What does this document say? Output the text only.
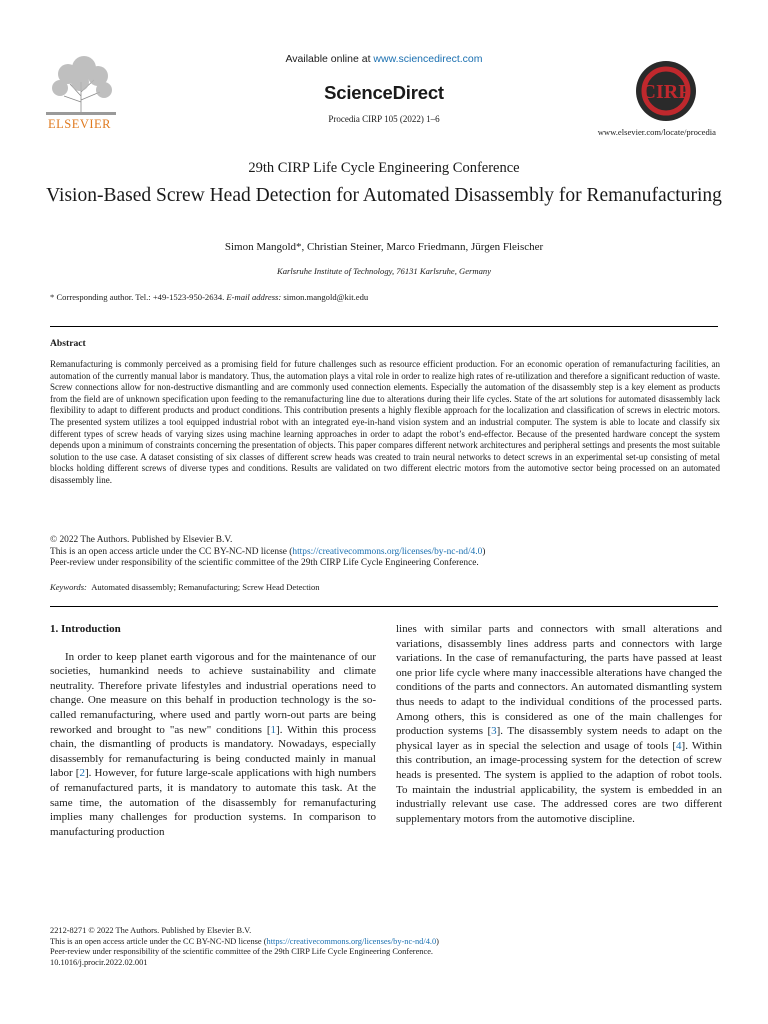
ELSEVIER
Available online at www.sciencedirect.com
ScienceDirect
Procedia CIRP 105 (2022) 1–6
CIRP
www.elsevier.com/locate/procedia
29th CIRP Life Cycle Engineering Conference
Vision-Based Screw Head Detection for Automated Disassembly for Remanufacturing
Simon Mangold*, Christian Steiner, Marco Friedmann, Jürgen Fleischer
Karlsruhe Institute of Technology, 76131 Karlsruhe, Germany
* Corresponding author. Tel.: +49-1523-950-2634. E-mail address: simon.mangold@kit.edu
Abstract

Remanufacturing is commonly perceived as a promising field for future challenges such as resource efficient production. For an economic operation of remanufacturing facilities, an automation of the currently manual labor is mandatory. Thus, the automation plays a vital role in order to realize high rates of re-utilization and therefore a significant reduction of waste. Screw connections allow for non-destructive dismantling and are commonly used connection elements. Especially the automation of the disassembly step is a key element as products from the field are of unknown specification upon feeding to the remanufacturing line due to alterations during their life cycles. State of the art solutions for automated disassembly lack flexibility to adapt to different products and product conditions. This contribution presents a highly flexible approach for the localization and classification of screws in electric motors. The presented system utilizes a tool equipped industrial robot with an integrated eye-in-hand vision system and an industrial computer. The system is able to locate and classify six different types of screw heads of varying sizes using machine learning approaches in order to adapt the robot’s end-effector. Because of the presented hardware concept the system depends upon a minimum of constraints concerning the presentation of objects. This paper compares different network architectures and peripheral settings and presents the most suitable solution to the use case. A dataset consisting of six classes of different screw heads was created to train neural networks to detect screws in an experimental set-up consisting of metal blocks holding different screws of diverse types and conditions. Results are validated on two different electric motors from the automotive sector being processed on an automated disassembly line.

© 2022 The Authors. Published by Elsevier B.V.
This is an open access article under the CC BY-NC-ND license (https://creativecommons.org/licenses/by-nc-nd/4.0)
Peer-review under responsibility of the scientific committee of the 29th CIRP Life Cycle Engineering Conference.
Keywords: Automated disassembly; Remanufacturing; Screw Head Detection
1. Introduction

In order to keep planet earth vigorous and for the maintenance of our societies, humankind needs to achieve sustainability and climate neutrality. Therefore private lifestyles and industrial operations need to change. One measure on this behalf in production technology is the so-called remanufacturing, where used and partly worn-out parts are being reworked and brought to "as new" conditions [1]. Within this process chain, the dismantling of products is mandatory. Nowadays, especially disassembly for remanufacturing is being conducted mainly in manual labor [2]. However, for future large-scale applications with high numbers of remanufactured parts, it is mandatory to automate this task. At the same time, the automation of the disassembly for remanufacturing implies many challenges for production systems. In comparison to manufacturing production

lines with similar parts and connectors with small alterations and variations, disassembly lines address parts and connectors with large variations. In the case of remanufacturing, the parts have passed at least one prior life cycle where many inaccessible alterations have changed the conditions of the parts and connectors. An automated dismantling system thus needs to adapt to the individual conditions of the processed parts. Among others, this is considered as one of the main challenges for production systems [3]. The disassembly system needs to adapt on the physical layer as in special the selection and usage of tools [4]. Within this contribution, an image-processing system for the detection of screw heads is presented. The system is applied to the adaption of robot tools. To maintain the industrial applicability, the system is embedded in an industrially relevant use case. The addressed cores are two different supplementary motors from the automotive discipline.

2212-8271 © 2022 The Authors. Published by Elsevier B.V.
This is an open access article under the CC BY-NC-ND license (https://creativecommons.org/licenses/by-nc-nd/4.0)
Peer-review under responsibility of the scientific committee of the 29th CIRP Life Cycle Engineering Conference.
10.1016/j.procir.2022.02.001
